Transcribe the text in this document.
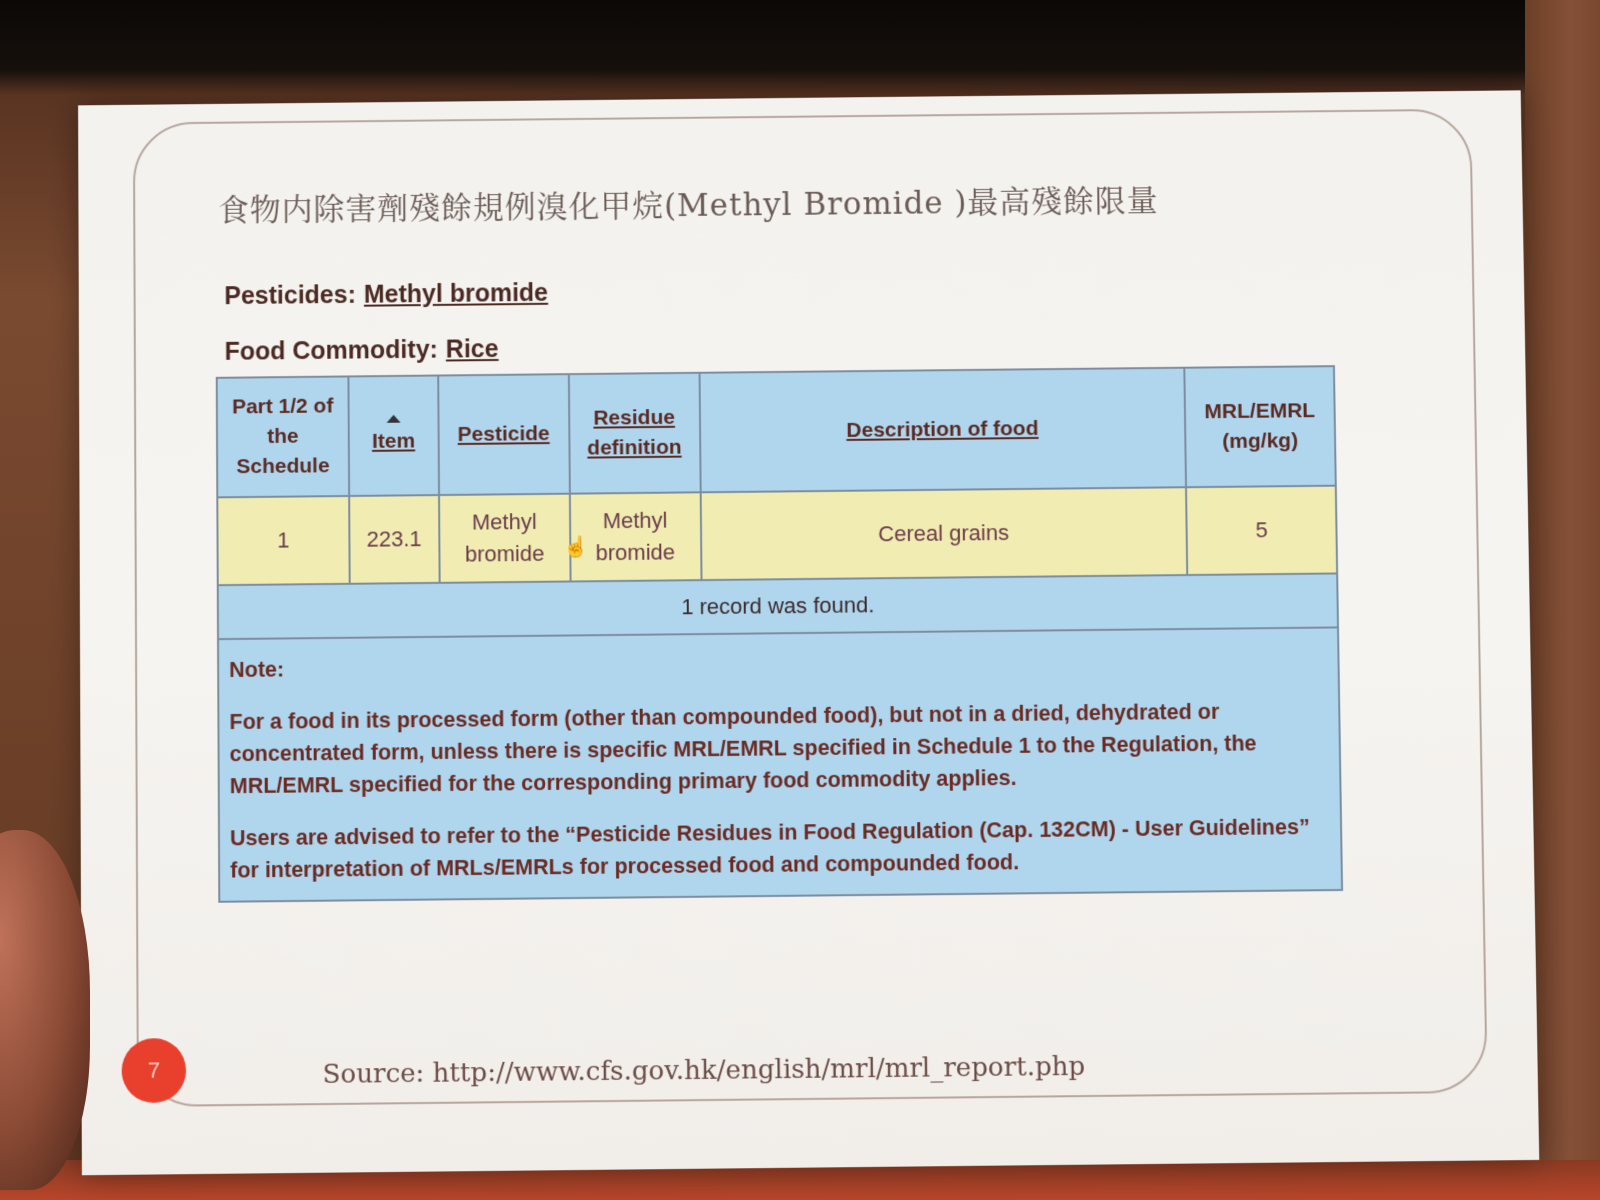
食物内除害劑殘餘規例溴化甲烷(Methyl Bromide )最高殘餘限量
Pesticides: Methyl bromide
Food Commodity: Rice
Part 1/2 of the Schedule	Item	Pesticide	Residue definition	Description of food	MRL/EMRL (mg/kg)
1	223.1	Methyl bromide	Methyl bromide	Cereal grains	5
1 record was found.					

Note:

For a food in its processed form (other than compounded food), but not in a dried, dehydrated or concentrated form, unless there is specific MRL/EMRL specified in Schedule 1 to the Regulation, the MRL/EMRL specified for the corresponding primary food commodity applies.

Users are advised to refer to the “Pesticide Residues in Food Regulation (Cap. 132CM) - User Guidelines” for interpretation of MRLs/EMRLs for processed food and compounded food.					

☝
7	Source: http://www.cfs.gov.hk/english/mrl/mrl_report.php
